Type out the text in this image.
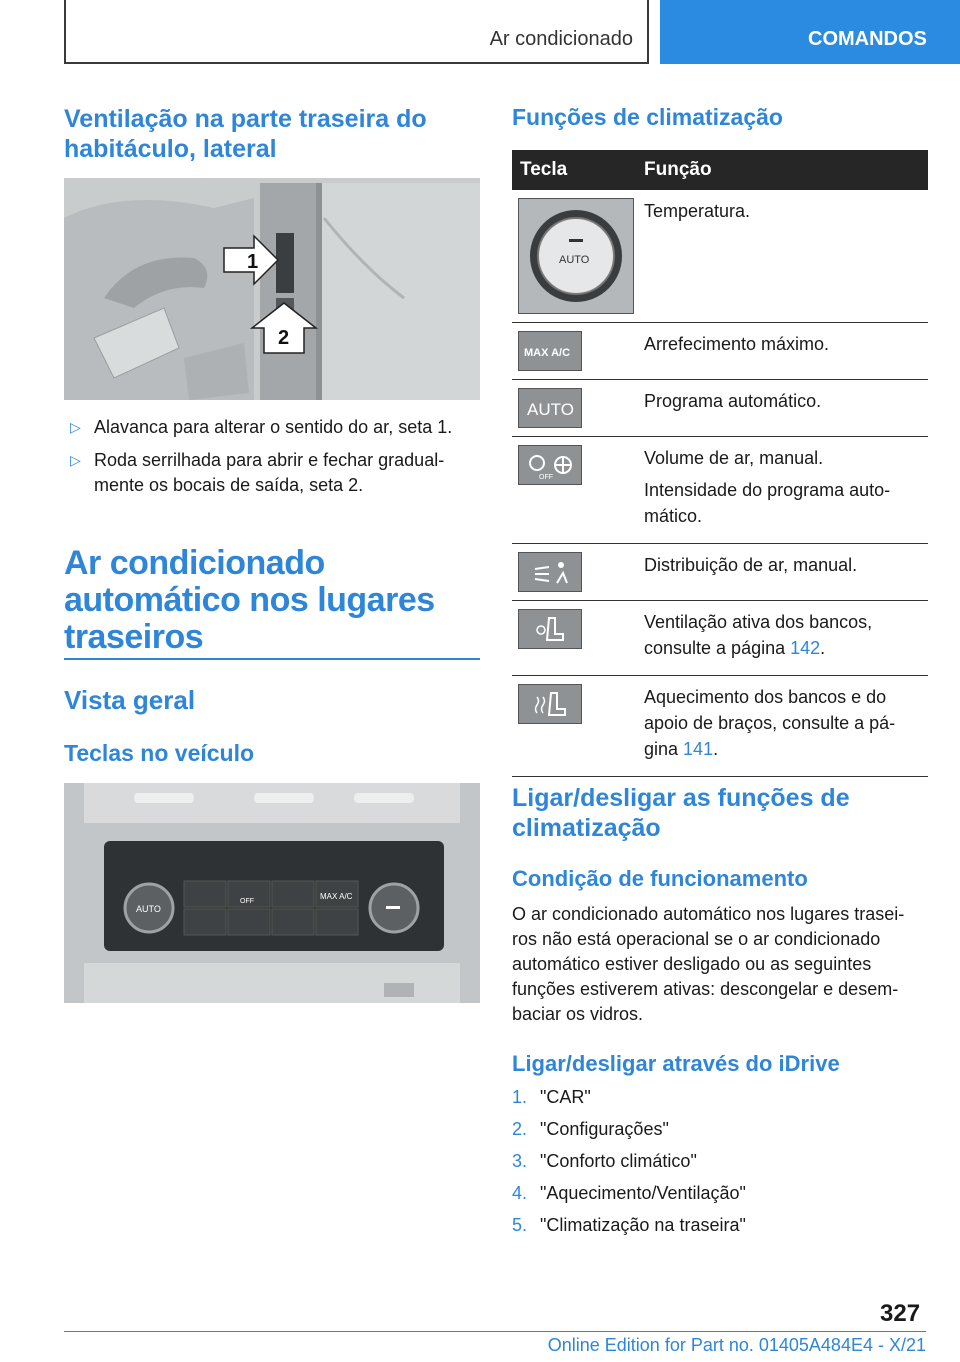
Ar condicionado	COMANDOS
Ventilação na parte traseira do habitáculo, lateral
1
2
▷ Alavanca para alterar o sentido do ar, seta 1.
▷ Roda serrilhada para abrir e fechar gradual-mente os bocais de saída, seta 2.
Ar condicionado automático nos lugares traseiros
Vista geral
Teclas no veículo
AUTO
OFF
MAX A/C
Funções de climatização
Tecla	Função

AUTO	Temperatura.

MAX A/C	Arrefecimento máximo.

AUTO	Programa automático.

OFF	Volume de ar, manual.

Intensidade do programa auto-mático.

Distribuição de ar, manual.

Ventilação ativa dos bancos, consulte a página 142.

Aquecimento dos bancos e do apoio de braços, consulte a pá-gina 141.

Ligar/desligar as funções de climatização
Condição de funcionamento

O ar condicionado automático nos lugares trasei-ros não está operacional se o ar condicionado automático estiver desligado ou as seguintes funções estiverem ativas: descongelar e desem-baciar os vidros.

Ligar/desligar através do iDrive
1. "CAR"
2. "Configurações"
3. "Conforto climático"
4. "Aquecimento/Ventilação"
5. "Climatização na traseira"
327
Online Edition for Part no. 01405A484E4 - X/21
